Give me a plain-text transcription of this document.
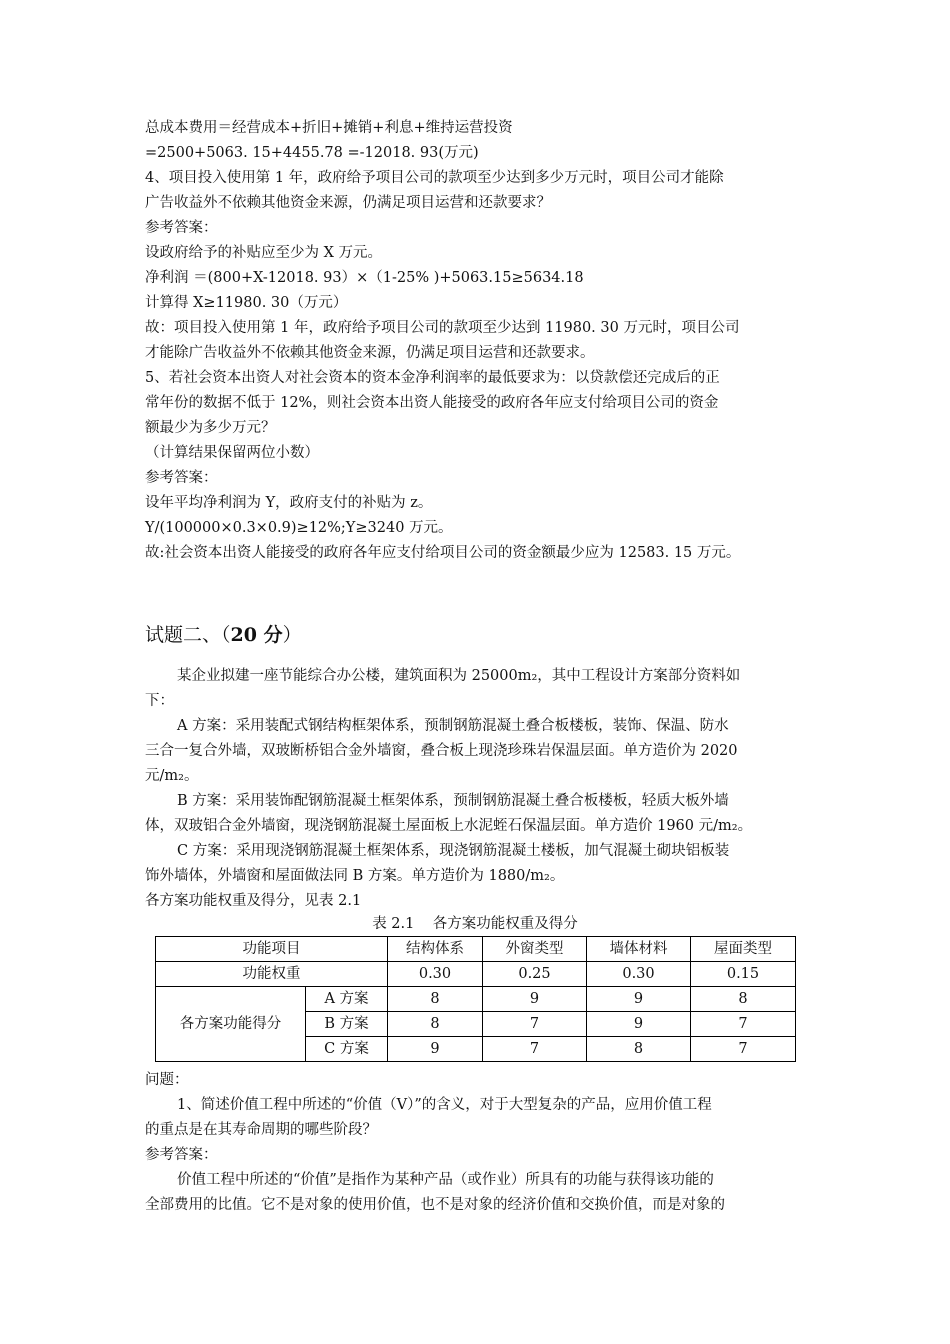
总成本费用＝经营成本+折旧+摊销+利息+维持运营投资
=2500+5063. 15+4455.78 =-12018. 93(万元)
4、项目投入使用第 1 年，政府给予项目公司的款项至少达到多少万元时，项目公司才能除
广告收益外不依赖其他资金来源，仍满足项目运营和还款要求？
参考答案：
设政府给予的补贴应至少为 X 万元。
净利润 ＝(800+X-12018. 93）×（1-25% )+5063.15≥5634.18
计算得 X≥11980. 30（万元）
故：项目投入使用第 1 年，政府给予项目公司的款项至少达到 11980. 30 万元时，项目公司
才能除广告收益外不依赖其他资金来源，仍满足项目运营和还款要求。
5、若社会资本出资人对社会资本的资本金净利润率的最低要求为：以贷款偿还完成后的正
常年份的数据不低于 12%，则社会资本出资人能接受的政府各年应支付给项目公司的资金
额最少为多少万元？
（计算结果保留两位小数）
参考答案：
设年平均净利润为 Y，政府支付的补贴为 z。
Y/(100000×0.3×0.9)≥12%;Y≥3240 万元。
故:社会资本出资人能接受的政府各年应支付给项目公司的资金额最少应为 12583. 15 万元。
试题二、（20 分）
某企业拟建一座节能综合办公楼，建筑面积为 25000m₂，其中工程设计方案部分资料如
下：
A 方案：采用装配式钢结构框架体系，预制钢筋混凝土叠合板楼板，装饰、保温、防水
三合一复合外墙，双玻断桥铝合金外墙窗，叠合板上现浇珍珠岩保温层面。单方造价为 2020
元/m₂。
B 方案：采用装饰配钢筋混凝土框架体系，预制钢筋混凝土叠合板楼板，轻质大板外墙
体，双玻铝合金外墙窗，现浇钢筋混凝土屋面板上水泥蛭石保温层面。单方造价 1960 元/m₂。
C 方案：采用现浇钢筋混凝土框架体系，现浇钢筋混凝土楼板，加气混凝土砌块铝板装
饰外墙体，外墙窗和屋面做法同 B 方案。单方造价为 1880/m₂。
各方案功能权重及得分，见表 2.1
表 2.1    各方案功能权重及得分
功能项目		结构体系	外窗类型	墙体材料	屋面类型
功能权重		0.30	0.25	0.30	0.15
各方案功能得分	A 方案	8	9	9	8
	B 方案	8	7	9	7
	C 方案	9	7	8	7
问题：
1、简述价值工程中所述的“价值（V）”的含义，对于大型复杂的产品，应用价值工程
的重点是在其寿命周期的哪些阶段？
参考答案：
价值工程中所述的“价值”是指作为某种产品（或作业）所具有的功能与获得该功能的
全部费用的比值。它不是对象的使用价值，也不是对象的经济价值和交换价值，而是对象的
